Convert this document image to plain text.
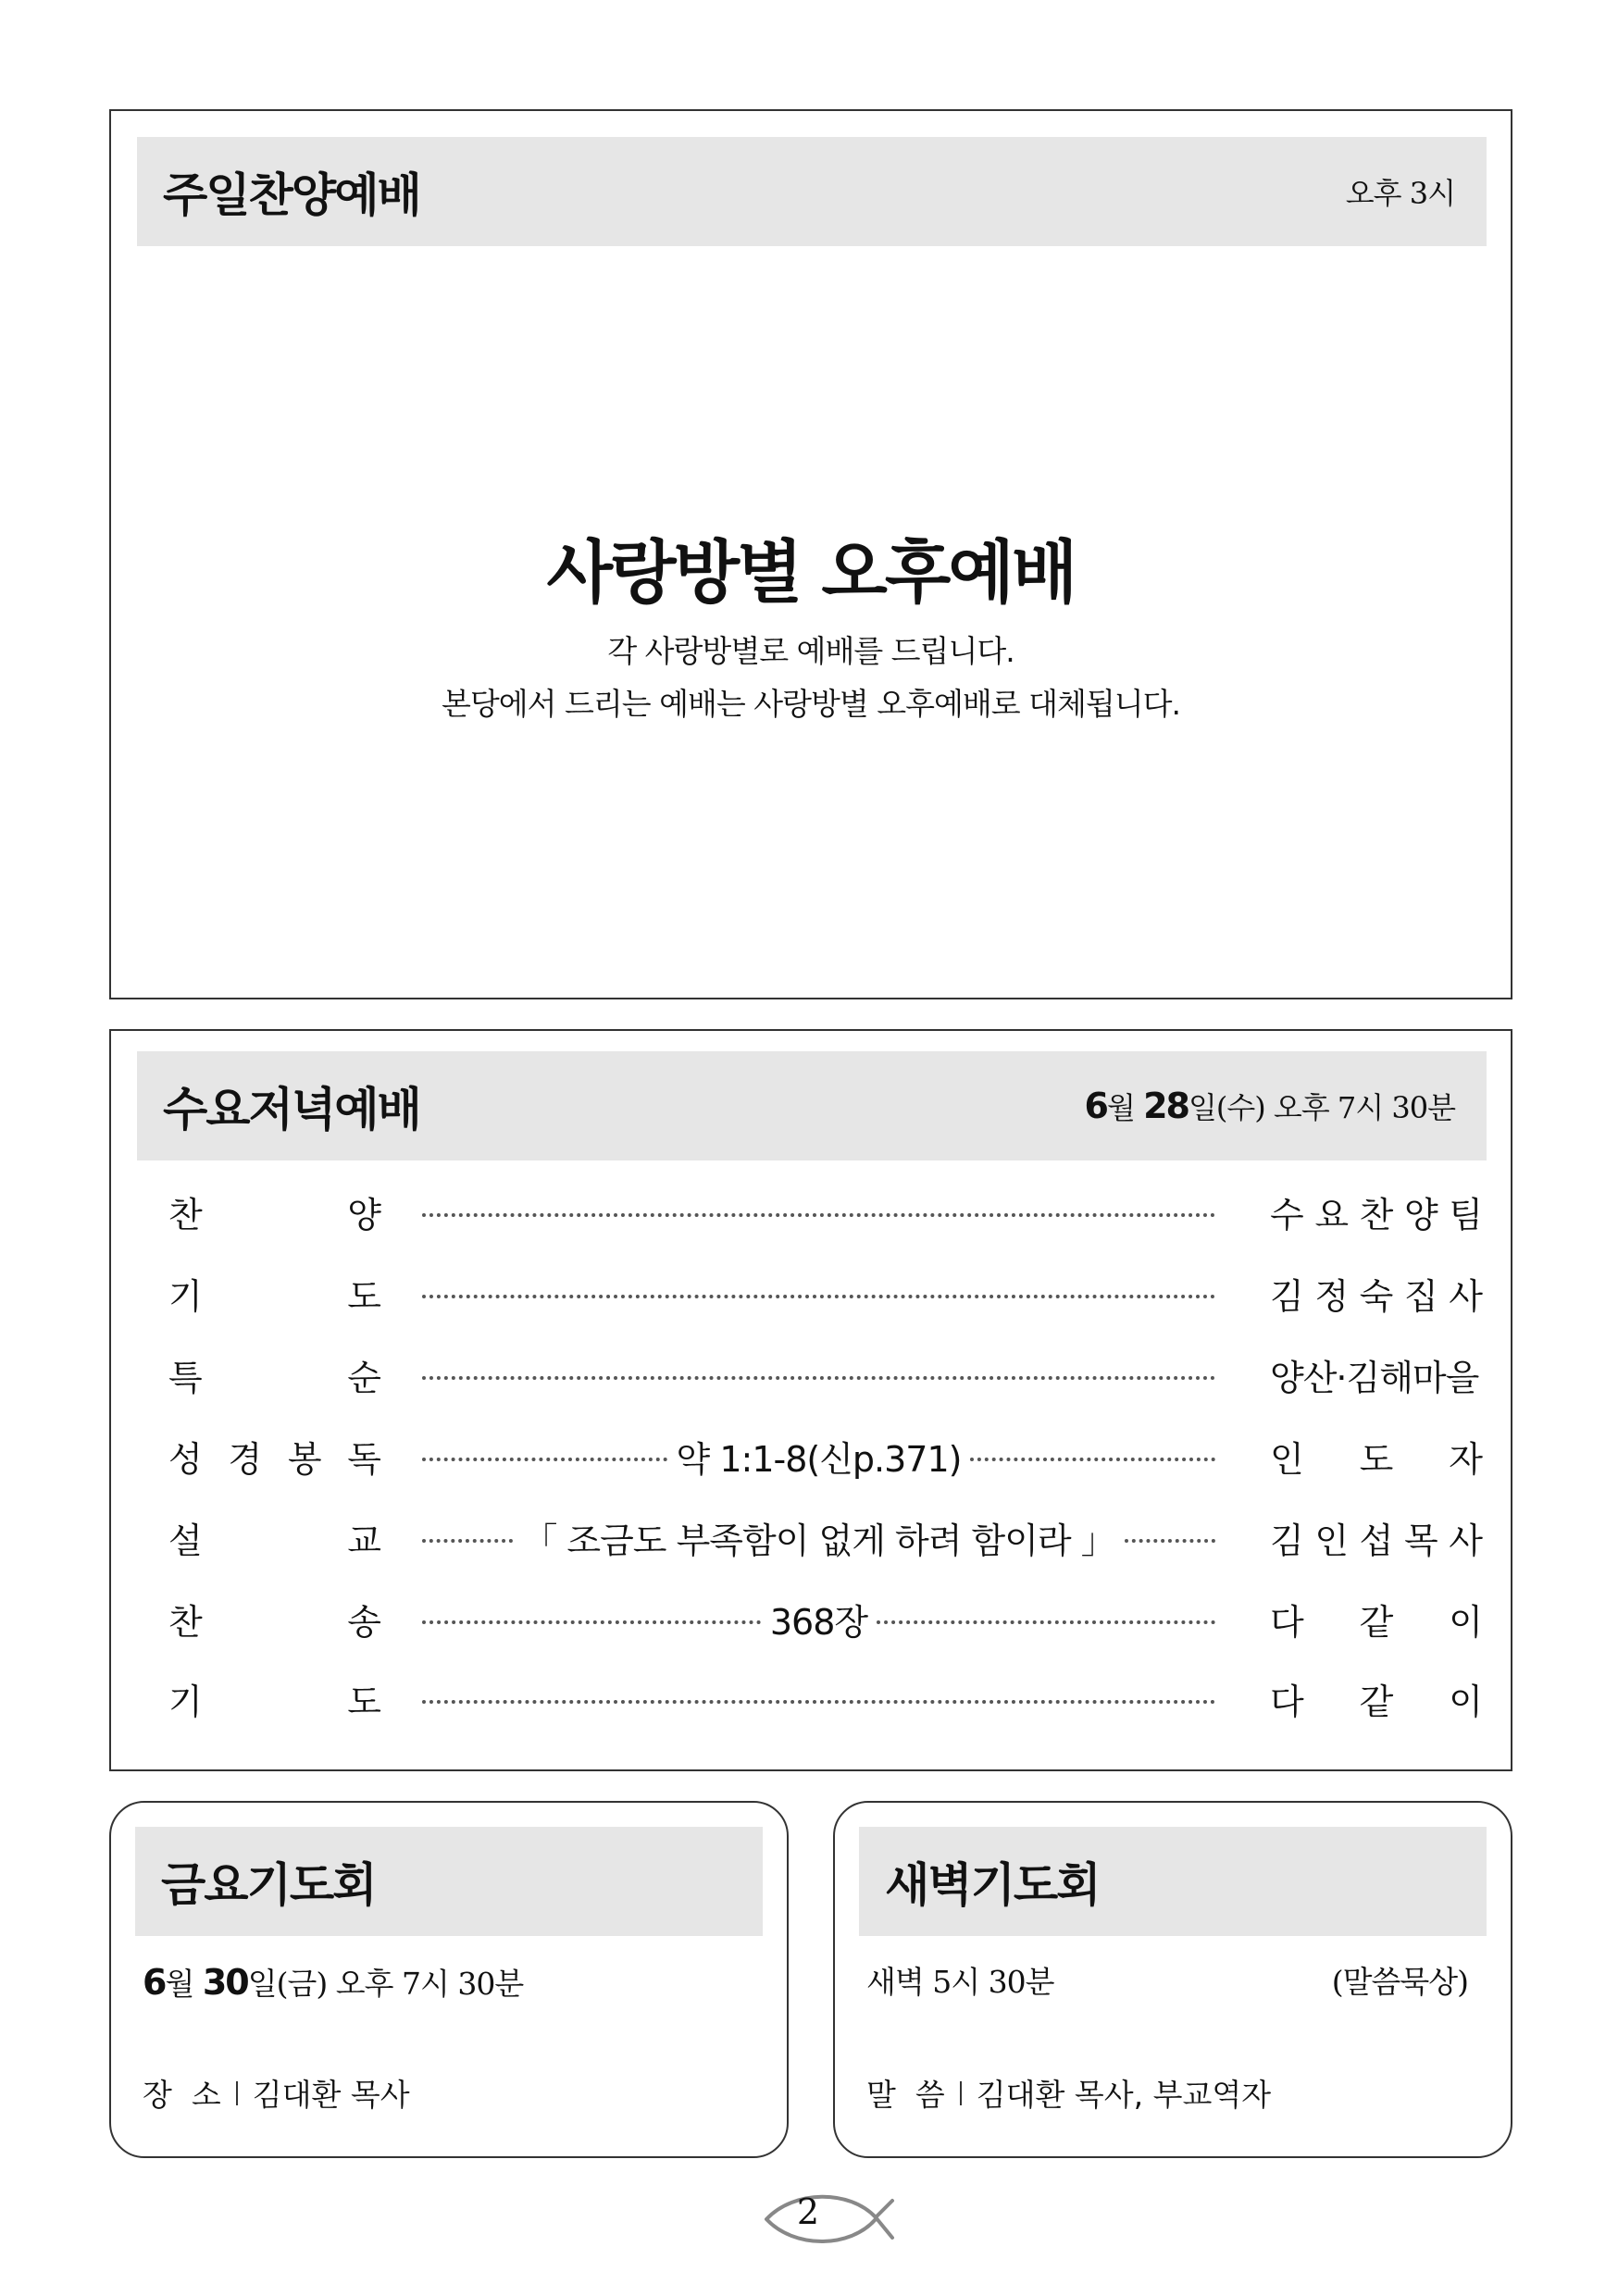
주일찬양예배	오후 3시
사랑방별 오후예배
각 사랑방별로 예배를 드립니다.
본당에서 드리는 예배는 사랑방별 오후예배로 대체됩니다.
수요저녁예배	6월 28일(수) 오후 7시 30분
찬	양	수 요 찬 양 팀
기	도	김 정 숙 집 사
특	순	양산·김해마을
성 경 봉 독	약 1:1-8(신p.371)	인 도 자
설	교	「 조금도 부족함이 없게 하려 함이라 」	김 인 섭 목 사
찬	송	368장	다 같 이
기	도	다 같 이
금요기도회
6월 30일(금) 오후 7시 30분
장  소 김대환 목사
새벽기도회
새벽 5시 30분	(말씀묵상)
말  씀 김대환 목사, 부교역자
2
